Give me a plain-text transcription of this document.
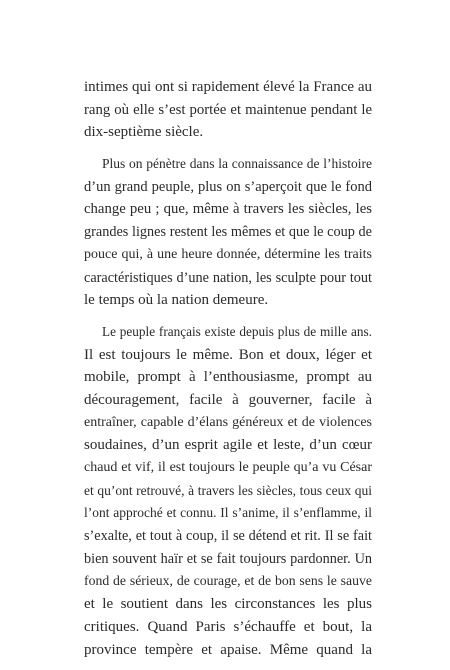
intimes qui ont si rapidement élevé la France au
rang où elle s’est portée et maintenue pendant le
dix-septième siècle.

Plus on pénètre dans la connaissance de l’histoire
d’un grand peuple, plus on s’aperçoit que le fond
change peu ; que, même à travers les siècles, les
grandes lignes restent les mêmes et que le coup de
pouce qui, à une heure donnée, détermine les traits
caractéristiques d’une nation, les sculpte pour tout
le temps où la nation demeure.

Le peuple français existe depuis plus de mille ans.
Il est toujours le même. Bon et doux, léger et
mobile, prompt à l’enthousiasme, prompt au
découragement, facile à gouverner, facile à
entraîner, capable d’élans généreux et de violences
soudaines, d’un esprit agile et leste, d’un cœur
chaud et vif, il est toujours le peuple qu’a vu César
et qu’ont retrouvé, à travers les siècles, tous ceux qui
l’ont approché et connu. Il s’anime, il s’enflamme, il
s’exalte, et tout à coup, il se détend et rit. Il se fait
bien souvent haïr et se fait toujours pardonner. Un
fond de sérieux, de courage, et de bon sens le sauve
et le soutient dans les circonstances les plus
critiques. Quand Paris s’échauffe et bout, la
province tempère et apaise. Même quand la
